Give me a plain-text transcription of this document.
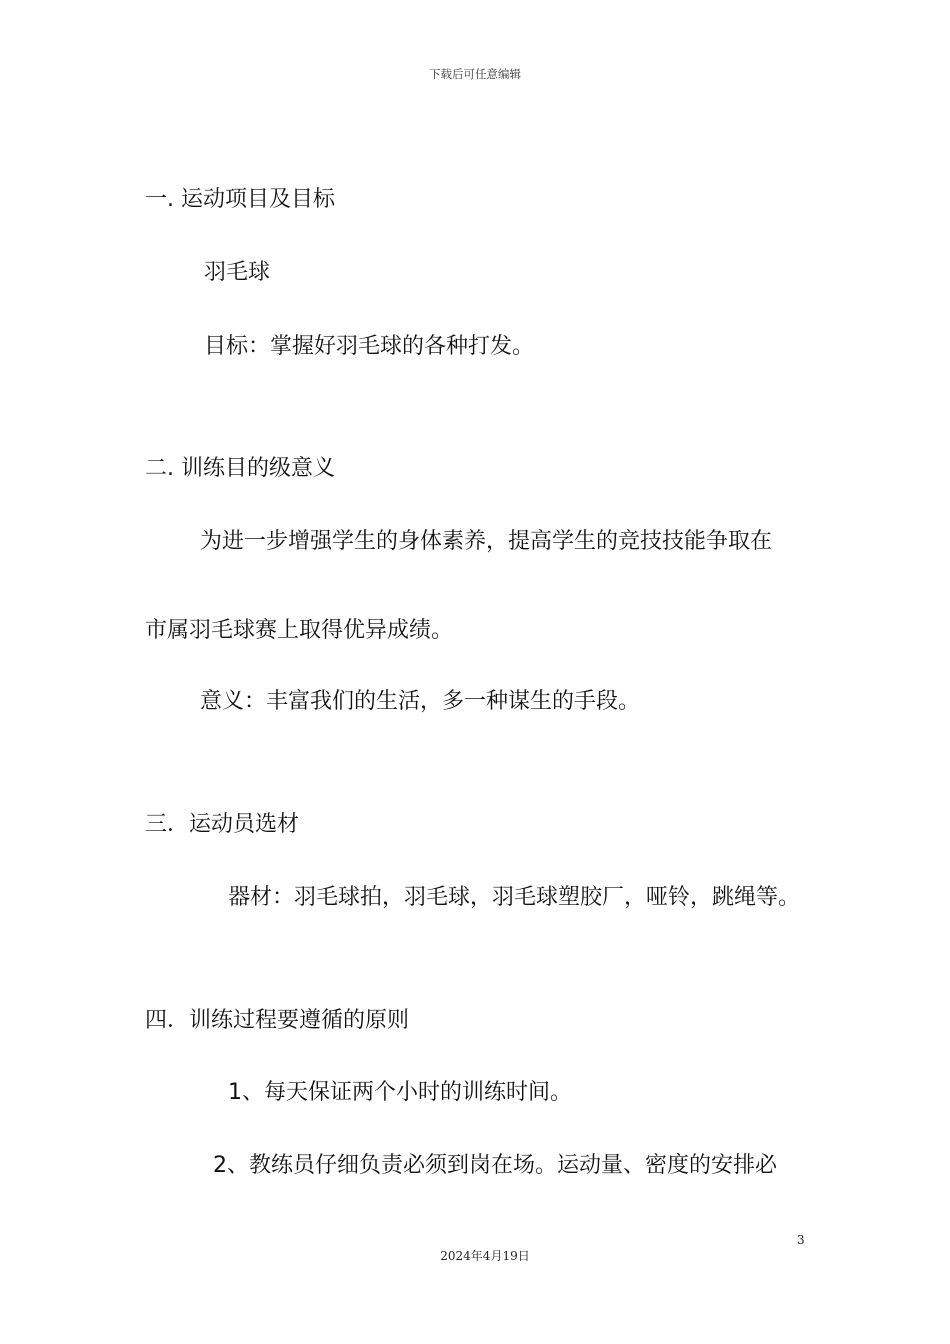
下载后可任意编辑
一. 运动项目及目标
羽毛球
目标：掌握好羽毛球的各种打发。
二. 训练目的级意义
为进一步增强学生的身体素养，提高学生的竞技技能争取在
市属羽毛球赛上取得优异成绩。
意义：丰富我们的生活，多一种谋生的手段。
三．运动员选材
器材：羽毛球拍，羽毛球，羽毛球塑胶厂，哑铃，跳绳等。
四．训练过程要遵循的原则
1、每天保证两个小时的训练时间。
2、教练员仔细负责必须到岗在场。运动量、密度的安排必
3
2024年4月19日
